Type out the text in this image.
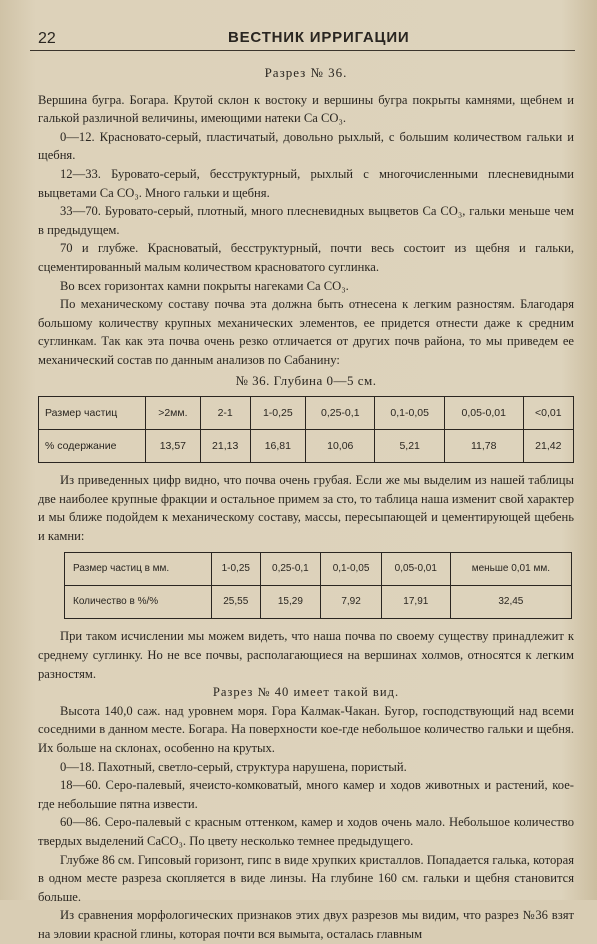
22	ВЕСТНИК ИРРИГАЦИИ
Разрез № 36.

Вершина бугра. Богара. Крутой склон к востоку и вершины бугра покрыты камнями, щебнем и галькой различной величины, имеющими натеки Ca CO₃.

0—12. Красновато-серый, пластичатый, довольно рыхлый, с большим количеством гальки и щебня.

12—33. Буровато-серый, бесструктурный, рыхлый с многочисленными плесневидными выцветами Ca CO₃. Много гальки и щебня.

33—70. Буровато-серый, плотный, много плесневидных выцветов Ca CO₃, гальки меньше чем в предыдущем.

70 и глубже. Красноватый, бесструктурный, почти весь состоит из щебня и гальки, сцементированный малым количеством красноватого суглинка.

Во всех горизонтах камни покрыты нагеками Ca CO₃.

По механическому составу почва эта должна быть отнесена к легким разностям. Благодаря большому количеству крупных механических элементов, ее придется отнести даже к средним суглинкам. Так как эта почва очень резко отличается от других почв района, то мы приведем ее механический состав по данным анализов по Сабанину:

№ 36. Глубина 0—5 см.
Размер частиц	>2мм.	2-1	1-0,25	0,25-0,1	0,1-0,05	0,05-0,01	<0,01
% содержание	13,57	21,13	16,81	10,06	5,21	11,78	21,42

Из приведенных цифр видно, что почва очень грубая. Если же мы выделим из нашей таблицы две наиболее крупные фракции и остальное примем за сто, то таблица наша изменит свой характер и мы ближе подойдем к механическому составу, массы, пересыпающей и цементирующей щебень и камни:

Размер частиц в мм.	1-0,25	0,25-0,1	0,1-0,05	0,05-0,01	меньше 0,01 мм.
Количество в %/%	25,55	15,29	7,92	17,91	32,45

При таком исчислении мы можем видеть, что наша почва по своему существу принадлежит к среднему суглинку. Но не все почвы, располагающиеся на вершинах холмов, относятся к легким разностям.

Разрез № 40 имеет такой вид.

Высота 140,0 саж. над уровнем моря. Гора Калмак-Чакан. Бугор, господствующий над всеми соседними в данном месте. Богара. На поверхности кое-где небольшое количество гальки и щебня. Их больше на склонах, особенно на крутых.

0—18. Пахотный, светло-серый, структура нарушена, пористый.

18—60. Серо-палевый, ячеисто-комковатый, много камер и ходов животных и растений, кое-где небольшие пятна извести.

60—86. Серо-палевый с красным оттенком, камер и ходов очень мало. Небольшое количество твердых выделений CaCO₃. По цвету несколько темнее предыдущего.

Глубже 86 см. Гипсовый горизонт, гипс в виде хрупких кристаллов. Попадается галька, которая в одном месте разреза скопляется в виде линзы. На глубине 160 см. гальки и щебня становится больше.

Из сравнения морфологических признаков этих двух разрезов мы видим, что разрез №36 взят на эловии красной глины, которая почти вся вымыта, осталась главным
